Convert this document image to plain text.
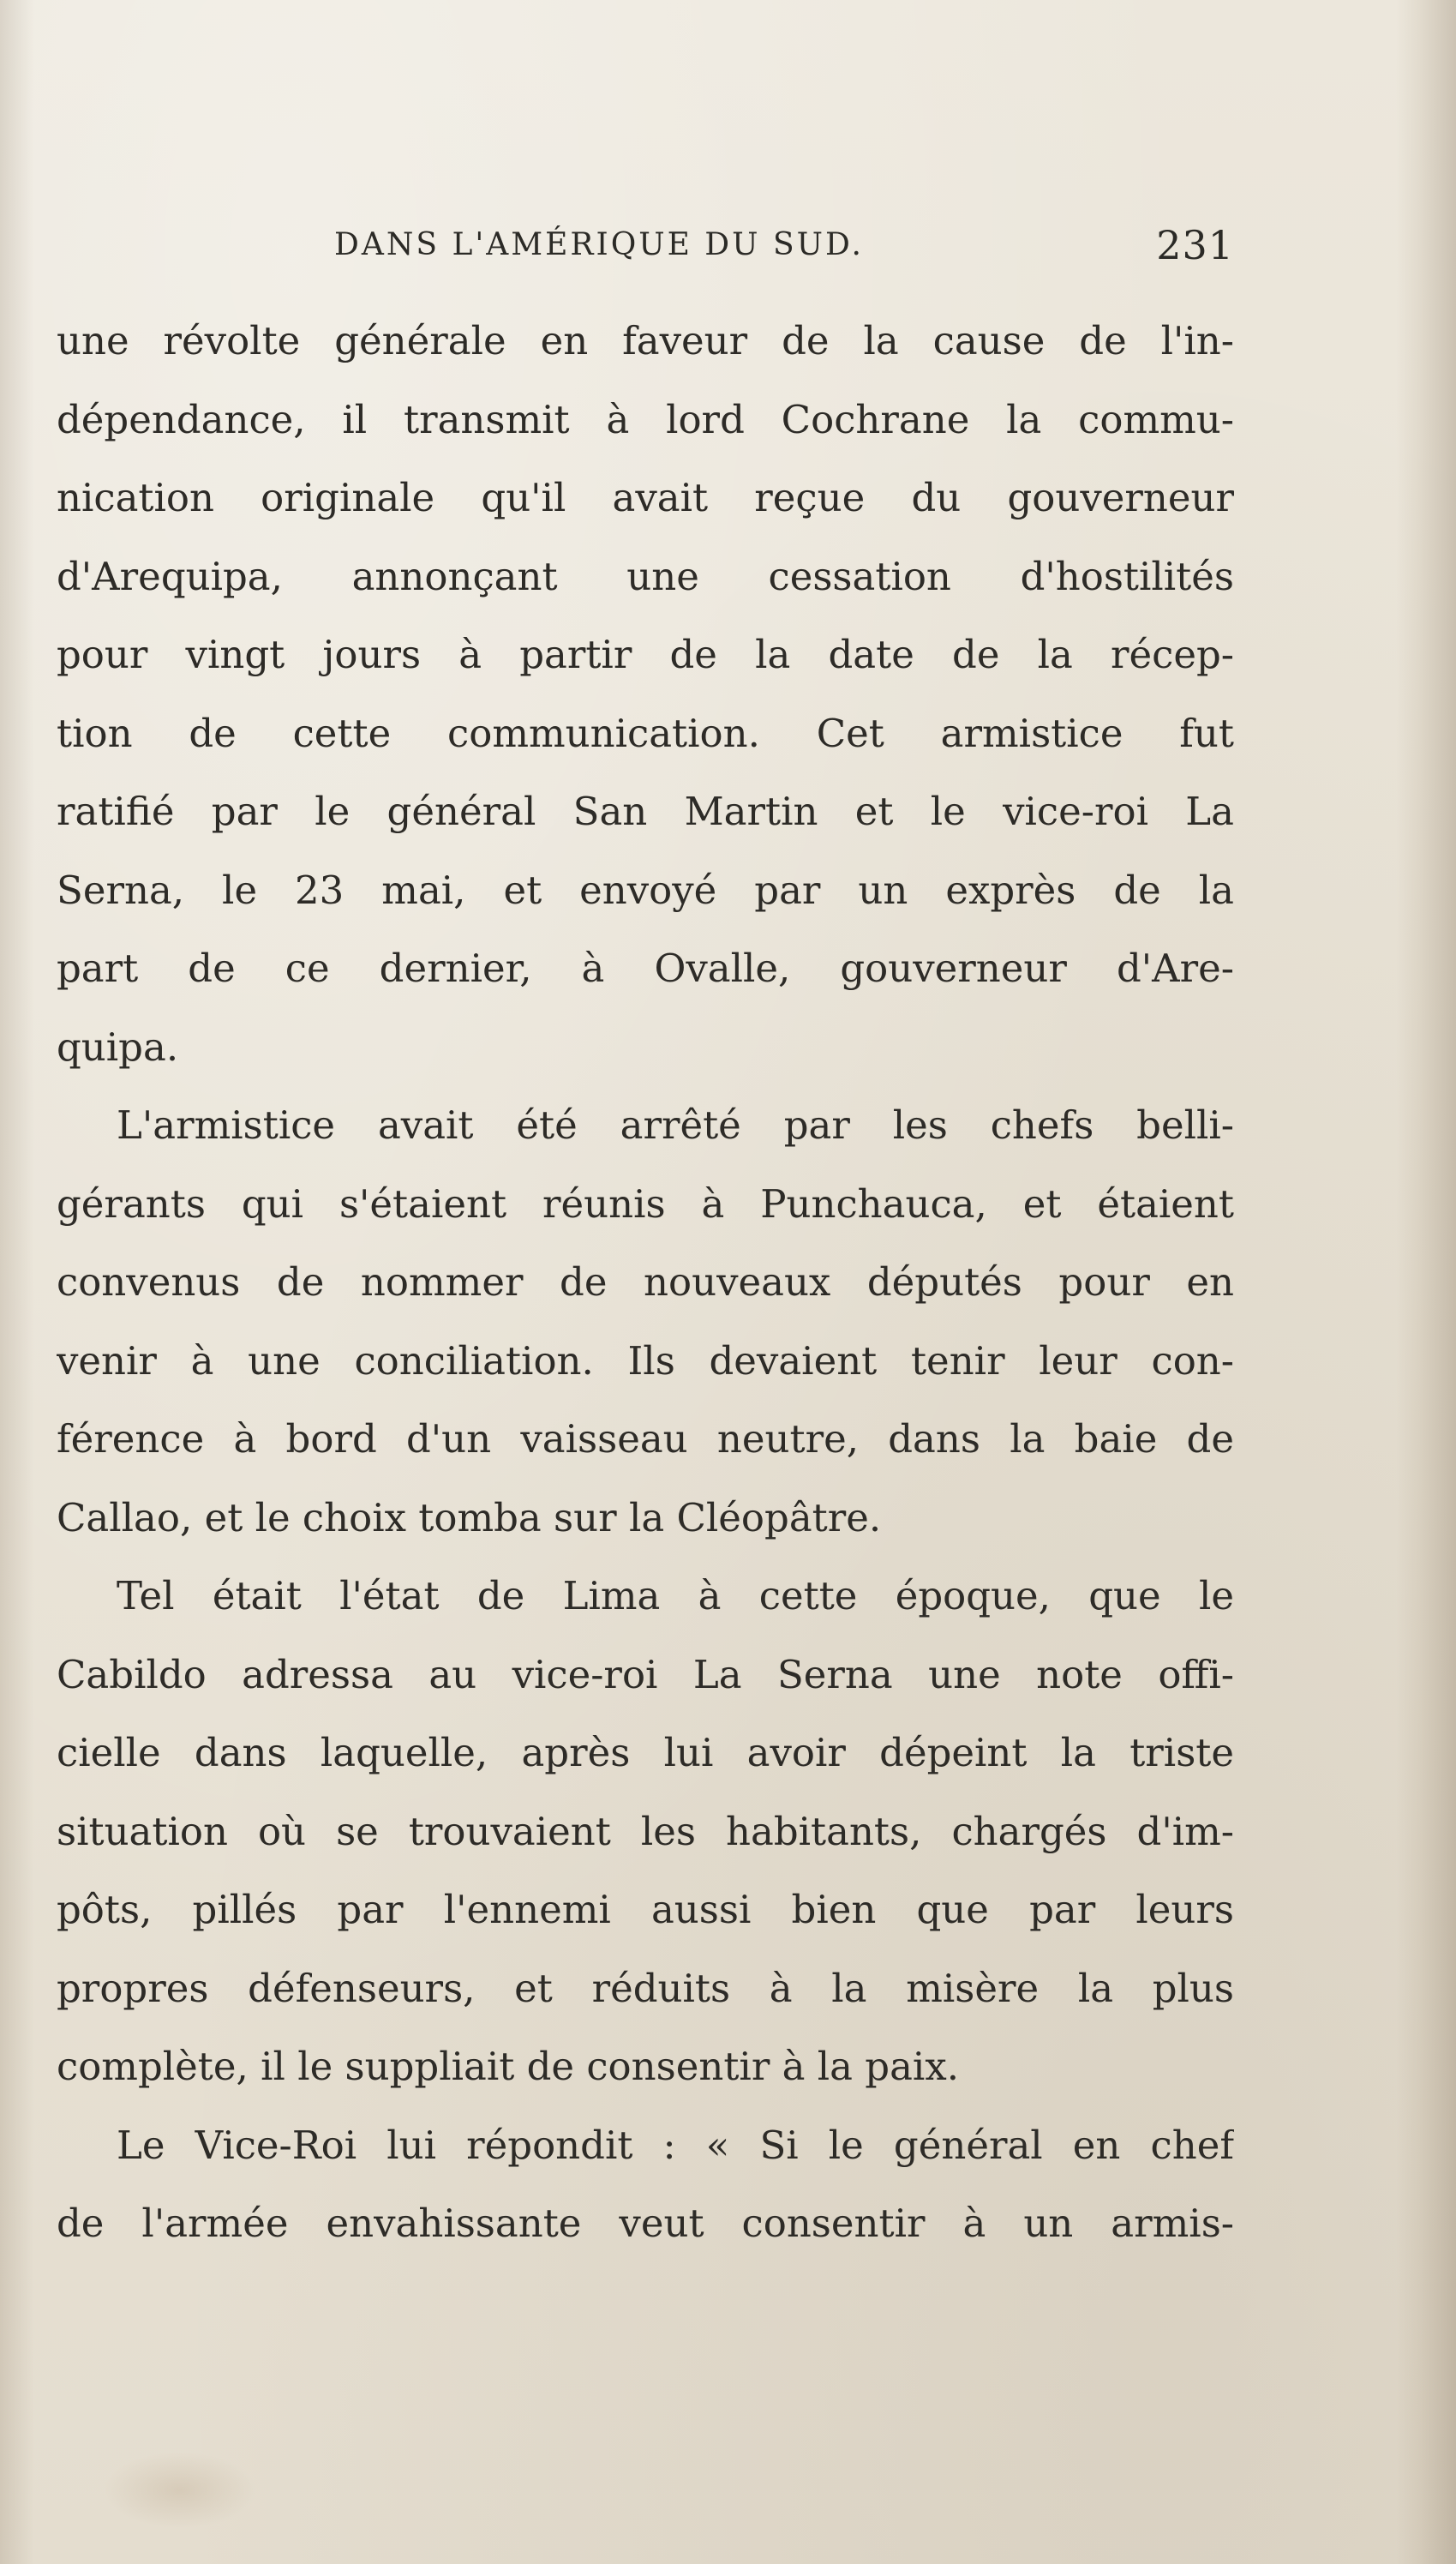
DANS L'AMÉRIQUE DU SUD.	231
une révolte générale en faveur de la cause de l'in-
dépendance, il transmit à lord Cochrane la commu-
nication originale qu'il avait reçue du gouverneur
d'Arequipa, annonçant une cessation d'hostilités
pour vingt jours à partir de la date de la récep-
tion de cette communication. Cet armistice fut
ratifié par le général San Martin et le vice-roi La
Serna, le 23 mai, et envoyé par un exprès de la
part de ce dernier, à Ovalle, gouverneur d'Are-
quipa.
L'armistice avait été arrêté par les chefs belli-
gérants qui s'étaient réunis à Punchauca, et étaient
convenus de nommer de nouveaux députés pour en
venir à une conciliation. Ils devaient tenir leur con-
férence à bord d'un vaisseau neutre, dans la baie de
Callao, et le choix tomba sur la Cléopâtre.
Tel était l'état de Lima à cette époque, que le
Cabildo adressa au vice-roi La Serna une note offi-
cielle dans laquelle, après lui avoir dépeint la triste
situation où se trouvaient les habitants, chargés d'im-
pôts, pillés par l'ennemi aussi bien que par leurs
propres défenseurs, et réduits à la misère la plus
complète, il le suppliait de consentir à la paix.
Le Vice-Roi lui répondit : « Si le général en chef
de l'armée envahissante veut consentir à un armis-
